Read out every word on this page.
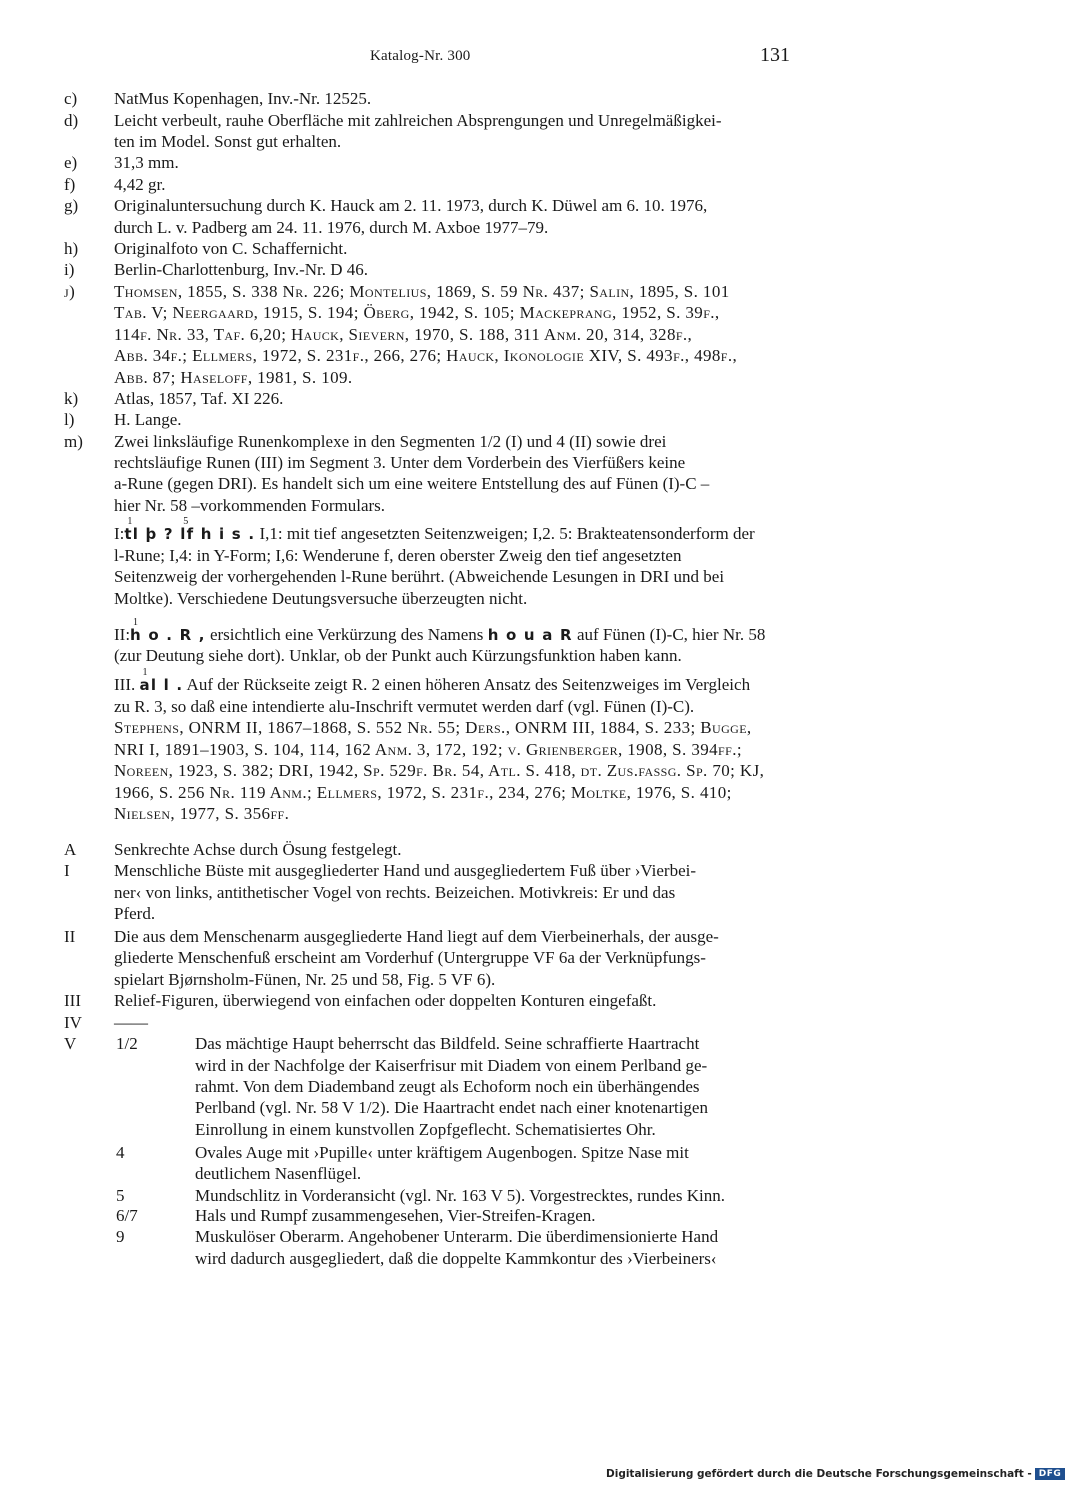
Katalog-Nr. 300	131
c) NatMus Kopenhagen, Inv.-Nr. 12525.
d) Leicht verbeult, rauhe Oberfläche mit zahlreichen Absprengungen und Unregelmäßigkei-
ten im Model. Sonst gut erhalten.
e) 31,3 mm.
f) 4,42 gr.
g) Originaluntersuchung durch K. Hauck am 2. 11. 1973, durch K. Düwel am 6. 10. 1976,
durch L. v. Padberg am 24. 11. 1976, durch M. Axboe 1977–79.
h) Originalfoto von C. Schaffernicht.
i) Berlin-Charlottenburg, Inv.-Nr. D 46.
j) Thomsen, 1855, S. 338 Nr. 226; Montelius, 1869, S. 59 Nr. 437; Salin, 1895, S. 101
Tab. V; Neergaard, 1915, S. 194; Öberg, 1942, S. 105; Mackeprang, 1952, S. 39f.,
114f. Nr. 33, Taf. 6,20; Hauck, Sievern, 1970, S. 188, 311 Anm. 20, 314, 328f.,
Abb. 34f.; Ellmers, 1972, S. 231f., 266, 276; Hauck, Ikonologie XIV, S. 493f., 498f.,
Abb. 87; Haseloff, 1981, S. 109.
k) Atlas, 1857, Taf. XI 226.
l) H. Lange.
m) Zwei linksläufige Runenkomplexe in den Segmenten 1/2 (I) und 4 (II) sowie drei
rechtsläufige Runen (III) im Segment 3. Unter dem Vorderbein des Vierfüßers keine
a-Rune (gegen DRI). Es handelt sich um eine weitere Entstellung des auf Fünen (I)-C –
hier Nr. 58 –vorkommenden Formulars.
I:t
1
l þ ? l
5
f h i s . I,1: mit tief angesetzten Seitenzweigen; I,2. 5: Brakteatensonderform der
l-Rune; I,4: in Y-Form; I,6: Wenderune f, deren oberster Zweig den tief angesetzten
Seitenzweig der vorhergehenden l-Rune berührt. (Abweichende Lesungen in DRI und bei
Moltke). Verschiedene Deutungsversuche überzeugten nicht.
II:h
1
o . R , ersichtlich eine Verkürzung des Namens h o u a R auf Fünen (I)-C, hier Nr. 58
(zur Deutung siehe dort). Unklar, ob der Punkt auch Kürzungsfunktion haben kann.
III. a
1
l l . Auf der Rückseite zeigt R. 2 einen höheren Ansatz des Seitenzweiges im Vergleich
zu R. 3, so daß eine intendierte alu-Inschrift vermutet werden darf (vgl. Fünen (I)-C).
Stephens, ONRM II, 1867–1868, S. 552 Nr. 55; Ders., ONRM III, 1884, S. 233; Bugge,
NRI I, 1891–1903, S. 104, 114, 162 Anm. 3, 172, 192; v. Grienberger, 1908, S. 394ff.;
Noreen, 1923, S. 382; DRI, 1942, Sp. 529f. Br. 54, Atl. S. 418, dt. Zus.fassg. Sp. 70; KJ,
1966, S. 256 Nr. 119 Anm.; Ellmers, 1972, S. 231f., 234, 276; Moltke, 1976, S. 410;
Nielsen, 1977, S. 356ff.
A Senkrechte Achse durch Ösung festgelegt.
I	Menschliche Büste mit ausgegliederter Hand und ausgegliedertem Fuß über ›Vierbei-
ner‹ von links, antithetischer Vogel von rechts. Beizeichen. Motivkreis: Er und das
Pferd.
II Die aus dem Menschenarm ausgegliederte Hand liegt auf dem Vierbeinerhals, der ausge-
gliederte Menschenfuß erscheint am Vorderhuf (Untergruppe VF 6a der Verknüpfungs-
spielart Bjørnsholm-Fünen, Nr. 25 und 58, Fig. 5 VF 6).
III Relief-Figuren, überwiegend von einfachen oder doppelten Konturen eingefaßt.
IV ——
V 1/2	Das mächtige Haupt beherrscht das Bildfeld. Seine schraffierte Haartracht
wird in der Nachfolge der Kaiserfrisur mit Diadem von einem Perlband ge-
rahmt. Von dem Diademband zeugt als Echoform noch ein überhängendes
Perlband (vgl. Nr. 58 V 1/2). Die Haartracht endet nach einer knotenartigen
Einrollung in einem kunstvollen Zopfgeflecht. Schematisiertes Ohr.
4	Ovales Auge mit ›Pupille‹ unter kräftigem Augenbogen. Spitze Nase mit
deutlichem Nasenflügel.
5	Mundschlitz in Vorderansicht (vgl. Nr. 163 V 5). Vorgestrecktes, rundes Kinn.
6/7	Hals und Rumpf zusammengesehen, Vier-Streifen-Kragen.
9	Muskulöser Oberarm. Angehobener Unterarm. Die überdimensionierte Hand
wird dadurch ausgegliedert, daß die doppelte Kammkontur des ›Vierbeiners‹
Digitalisierung gefördert durch die Deutsche Forschungsgemeinschaft - DFG
